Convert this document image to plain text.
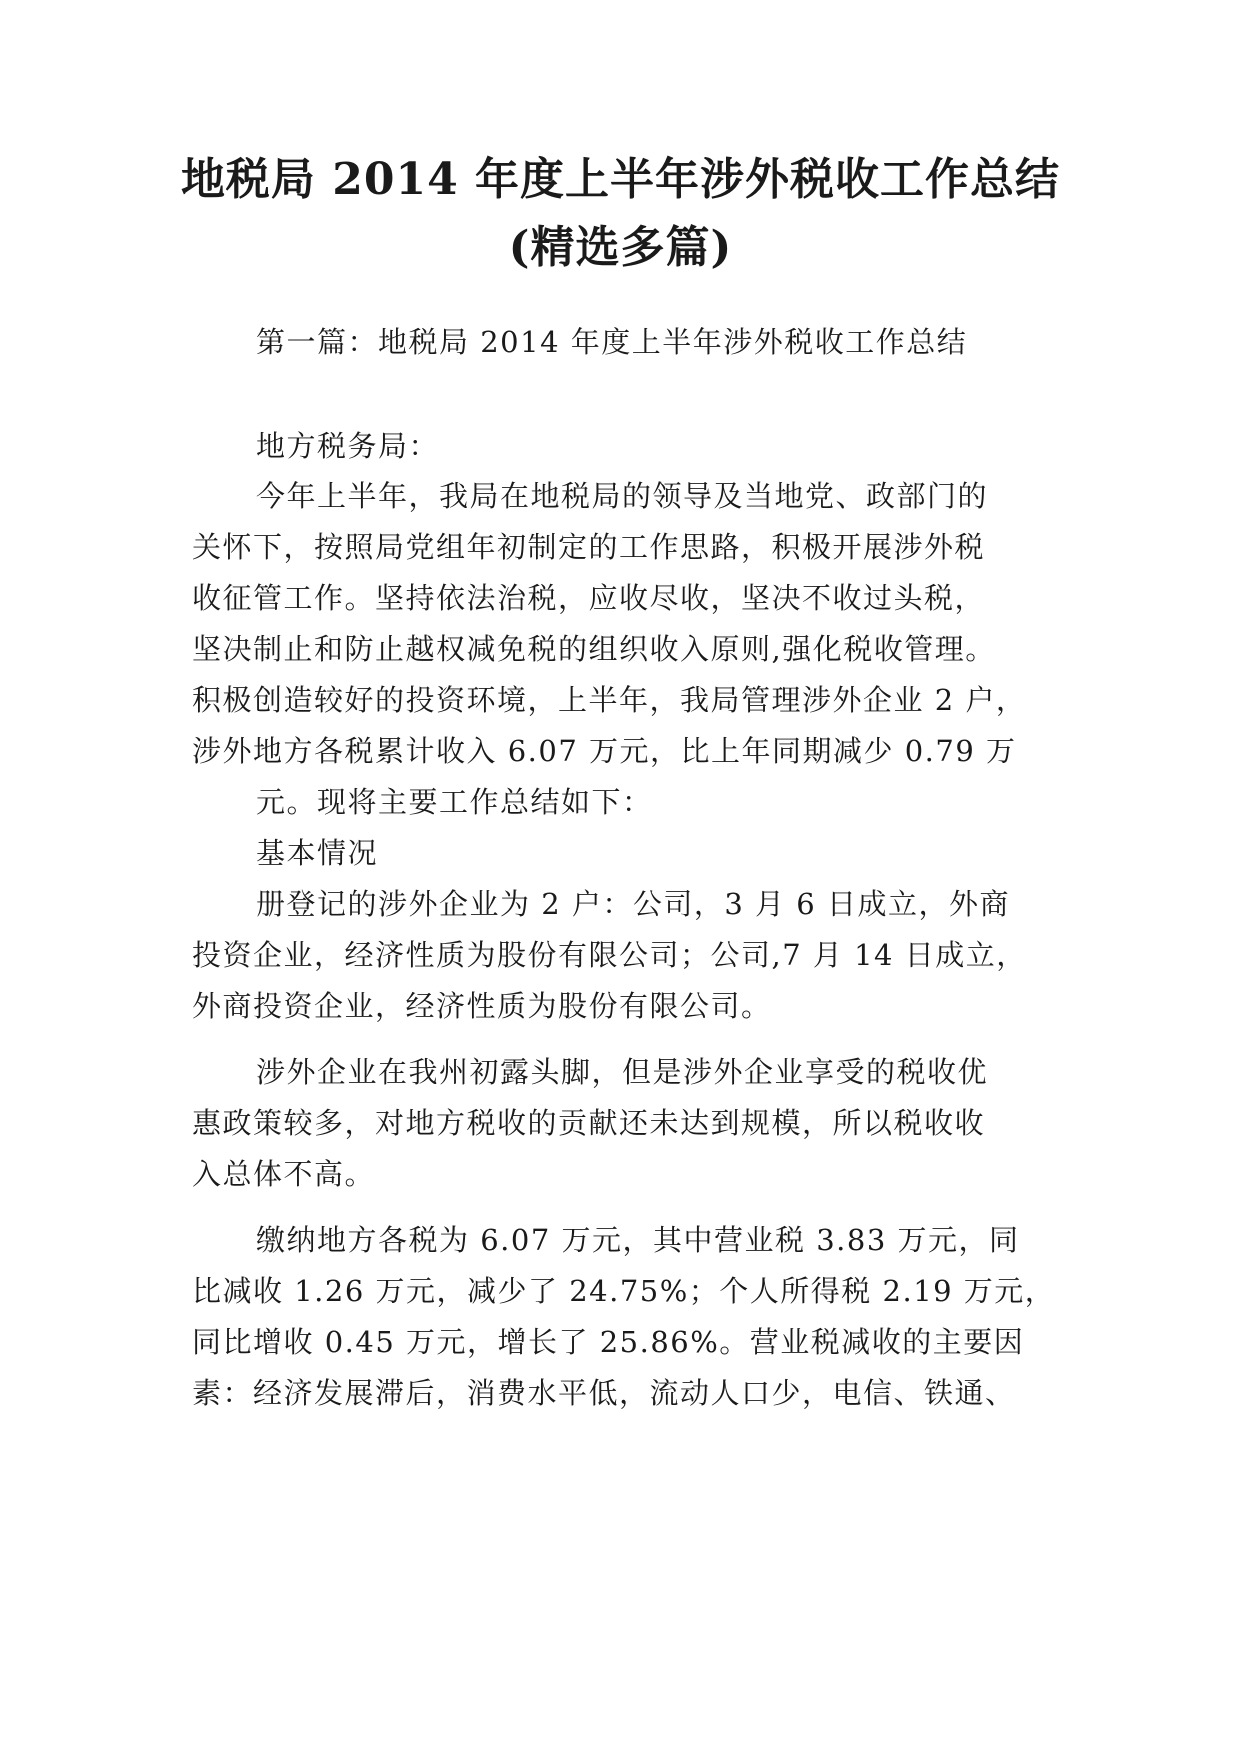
地税局 2014 年度上半年涉外税收工作总结
(精选多篇)

第一篇：地税局 2014 年度上半年涉外税收工作总结

地方税务局：

今年上半年，我局在地税局的领导及当地党、政部门的

关怀下，按照局党组年初制定的工作思路，积极开展涉外税

收征管工作。坚持依法治税，应收尽收，坚决不收过头税，

坚决制止和防止越权减免税的组织收入原则,强化税收管理。

积极创造较好的投资环境，上半年，我局管理涉外企业 2 户，

涉外地方各税累计收入 6.07 万元，比上年同期减少 0.79 万

元。现将主要工作总结如下：

基本情况

册登记的涉外企业为 2 户：公司，3 月 6 日成立，外商

投资企业，经济性质为股份有限公司；公司,7 月 14 日成立，

外商投资企业，经济性质为股份有限公司。

涉外企业在我州初露头脚，但是涉外企业享受的税收优

惠政策较多，对地方税收的贡献还未达到规模，所以税收收

入总体不高。

缴纳地方各税为 6.07 万元，其中营业税 3.83 万元，同

比减收 1.26 万元，减少了 24.75%；个人所得税 2.19 万元，

同比增收 0.45 万元，增长了 25.86%。营业税减收的主要因

素：经济发展滞后，消费水平低，流动人口少，电信、铁通、
